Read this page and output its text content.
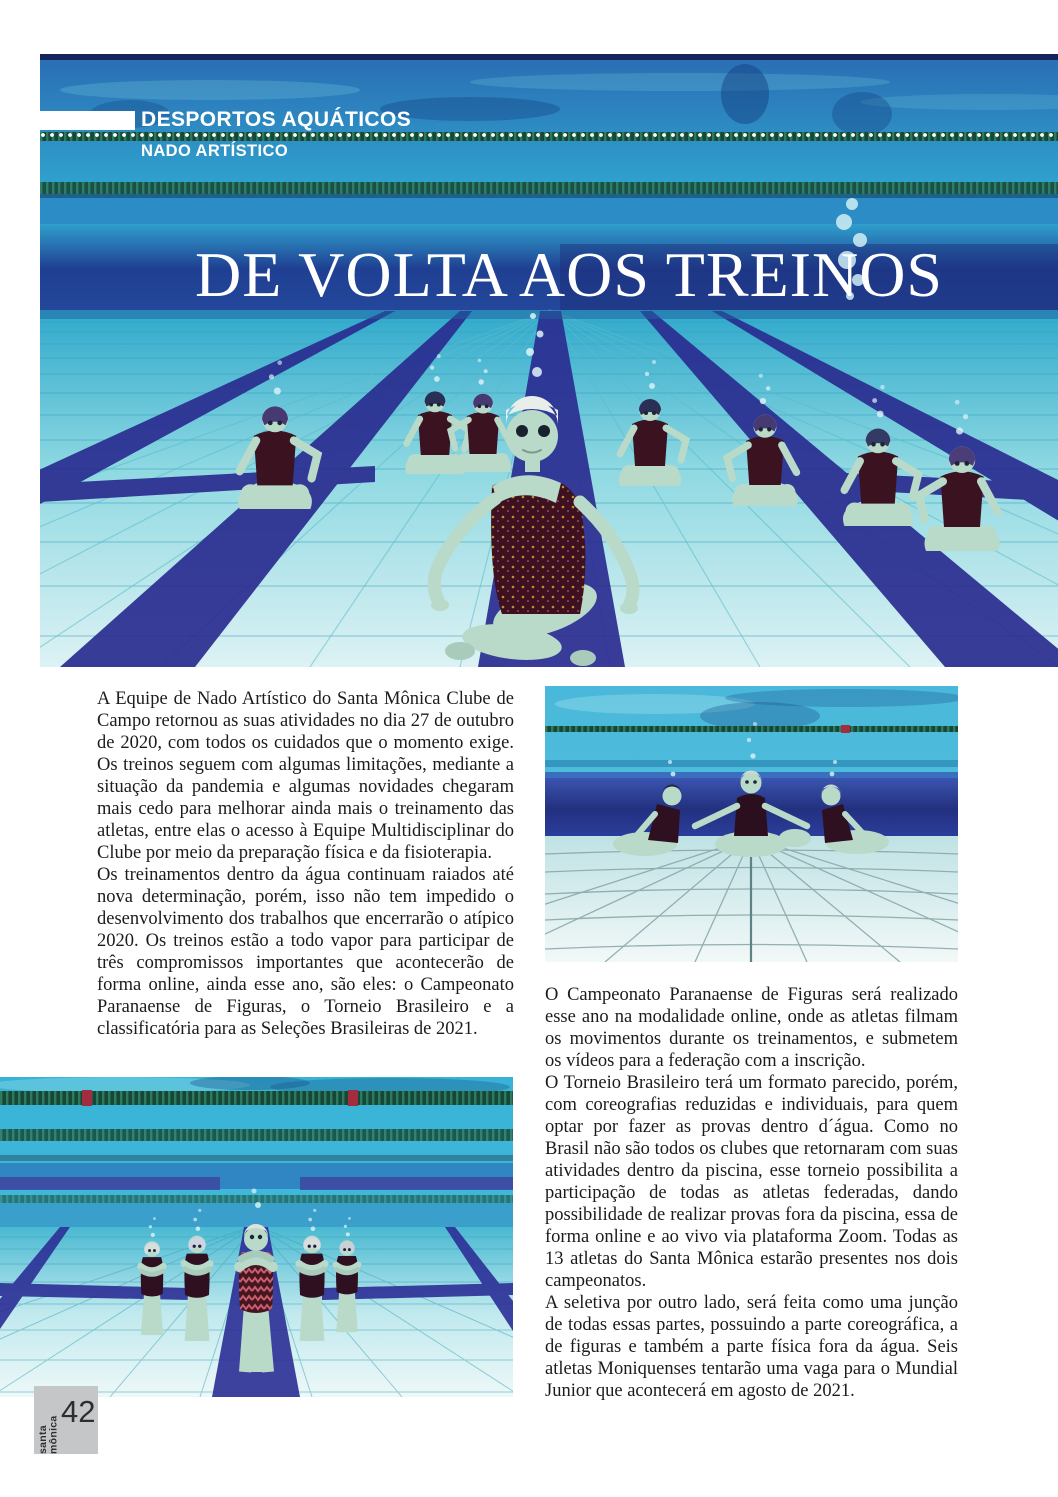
DESPORTOS AQUÁTICOS
NADO ARTÍSTICO
DE VOLTA AOS TREINOS

A Equipe de Nado Artístico do Santa Mônica Clube de Campo retornou as suas atividades no dia 27 de outubro de 2020, com todos os cuidados que o momento exige. Os treinos seguem com algumas limitações, mediante a situação da pandemia e algumas novidades chegaram mais cedo para melhorar ainda mais o treinamento das atletas, entre elas o acesso à Equipe Multidisciplinar do Clube por meio da preparação física e da fisioterapia.

Os treinamentos dentro da água continuam raiados até nova determinação, porém, isso não tem impedido o desenvolvimento dos trabalhos que encerrarão o atípico 2020. Os treinos estão a todo vapor para participar de três compromissos importantes que acontecerão de forma online, ainda esse ano, são eles: o Campeonato Paranaense de Figuras, o Torneio Brasileiro e a classificatória para as Seleções Brasileiras de 2021.

O Campeonato Paranaense de Figuras será realizado esse ano na modalidade online, onde as atletas filmam os movimentos durante os treinamentos, e submetem os vídeos para a federação com a inscrição.

O Torneio Brasileiro terá um formato parecido, porém, com coreografias reduzidas e individuais, para quem optar por fazer as provas dentro d´água. Como no Brasil não são todos os clubes que retornaram com suas atividades dentro da piscina, esse torneio possibilita a participação de todas as atletas federadas, dando possibilidade de realizar provas fora da piscina, essa de forma online e ao vivo via plataforma Zoom. Todas as 13 atletas do Santa Mônica estarão presentes nos dois campeonatos.

A seletiva por outro lado, será feita como uma junção de todas essas partes, possuindo a parte coreográfica, a de figuras e também a parte física fora da água. Seis atletas Moniquenses tentarão uma vaga para o Mundial Junior que acontecerá em agosto de 2021.

santa mônica
42
